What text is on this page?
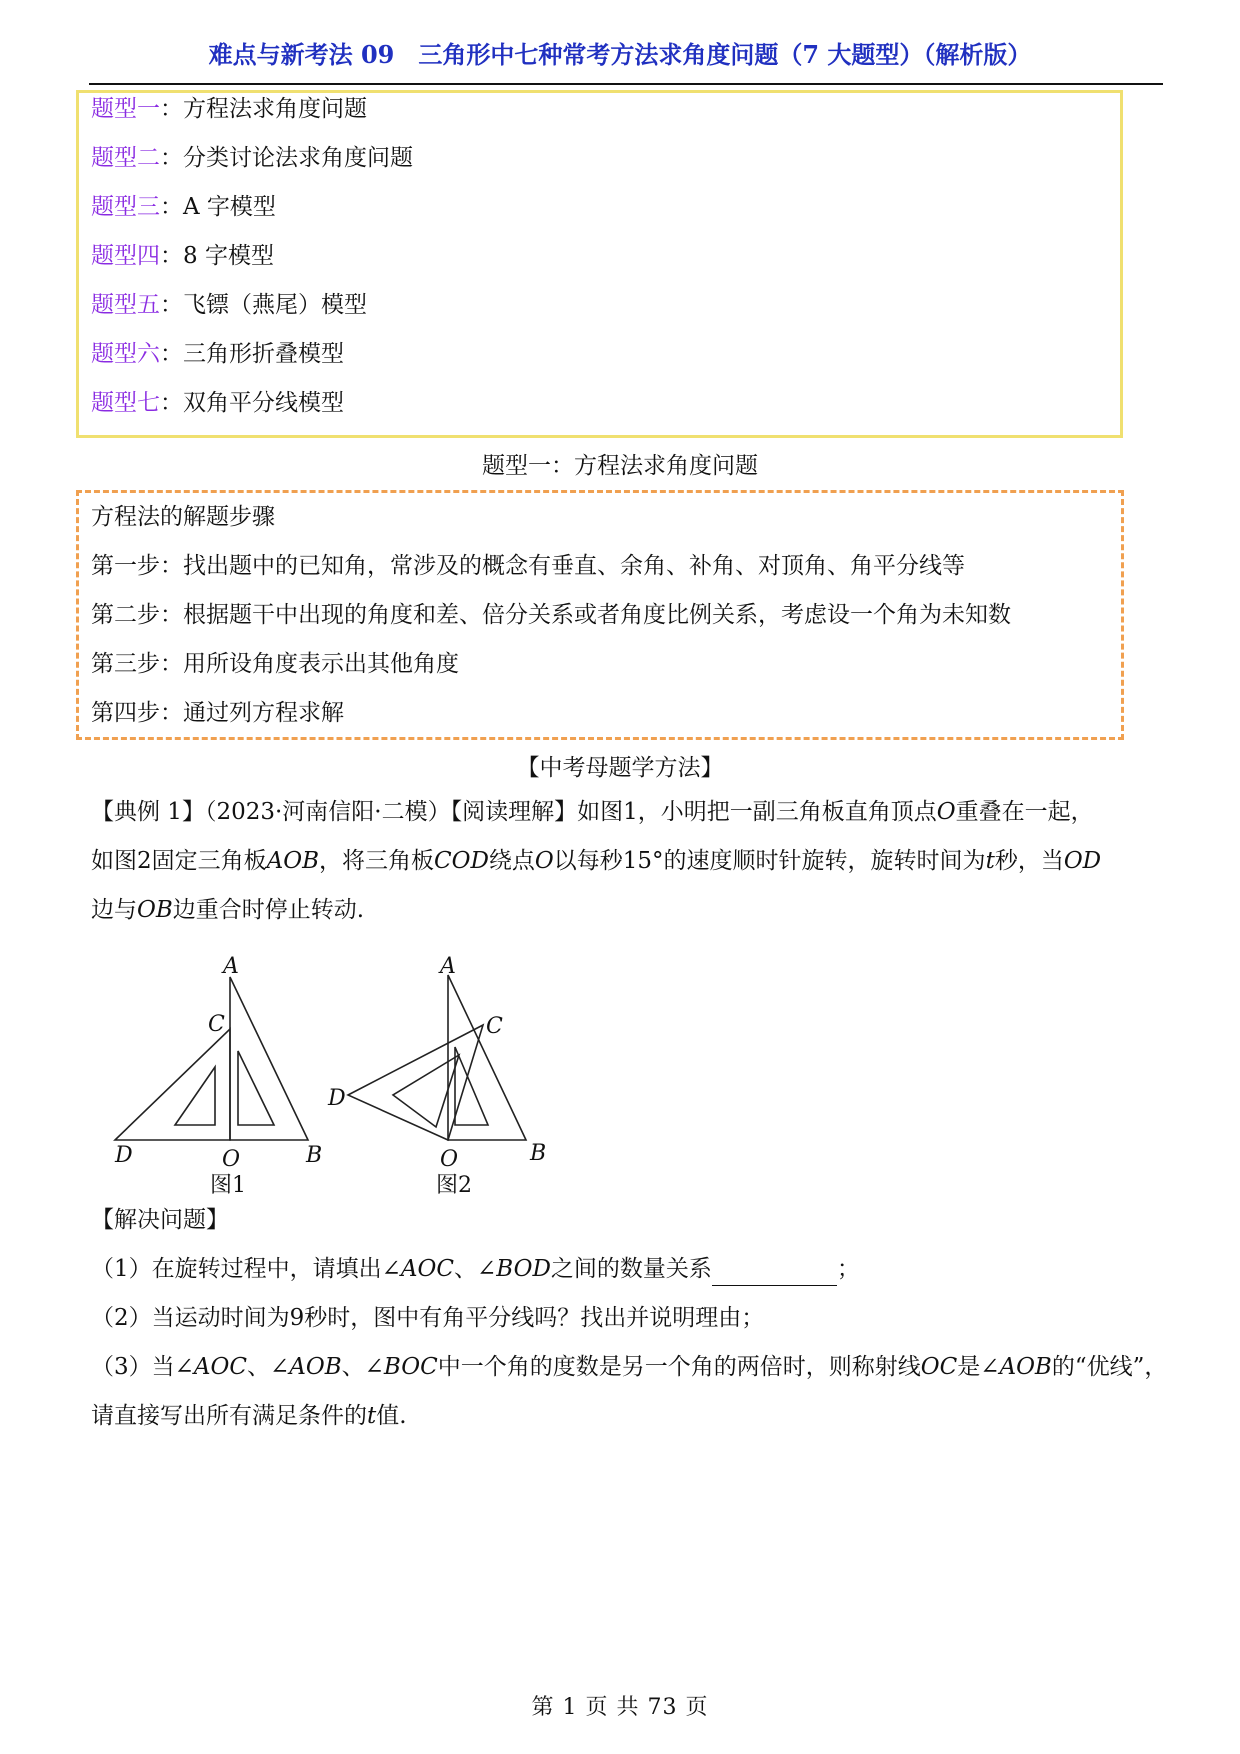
难点与新考法 09　三角形中七种常考方法求角度问题（7 大题型）（解析版）
题型一：方程法求角度问题
题型二：分类讨论法求角度问题
题型三：A 字模型
题型四：8 字模型
题型五：飞镖（燕尾）模型
题型六：三角形折叠模型
题型七：双角平分线模型
题型一：方程法求角度问题
方程法的解题步骤
第一步：找出题中的已知角，常涉及的概念有垂直、余角、补角、对顶角、角平分线等
第二步：根据题干中出现的角度和差、倍分关系或者角度比例关系，考虑设一个角为未知数
第三步：用所设角度表示出其他角度
第四步：通过列方程求解
【中考母题学方法】
【典例 1】（2023·河南信阳·二模）【阅读理解】如图1，小明把一副三角板直角顶点O重叠在一起，
如图2固定三角板AOB，将三角板COD绕点O以每秒15°的速度顺时针旋转，旋转时间为t秒，当OD
边与OB边重合时停止转动.
A
C
D	O	B
图1
A
C
D
O	B
图2
【解决问题】
（1）在旋转过程中，请填出∠AOC、∠BOD之间的数量关系	；
（2）当运动时间为9秒时，图中有角平分线吗？找出并说明理由；
（3）当∠AOC、∠AOB、∠BOC中一个角的度数是另一个角的两倍时，则称射线OC是∠AOB的“优线”，
请直接写出所有满足条件的t值.
第 1 页 共 73 页
